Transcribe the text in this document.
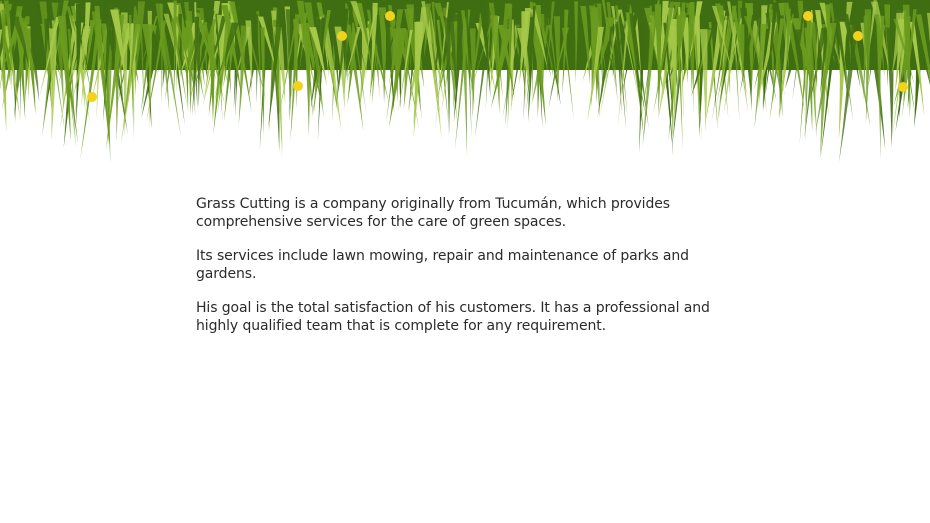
Grass Cutting is a company originally from Tucumán, which provides comprehensive services for the care of green spaces.

Its services include lawn mowing, repair and maintenance of parks and gardens.

His goal is the total satisfaction of his customers. It has a professional and highly qualified team that is complete for any requirement.
